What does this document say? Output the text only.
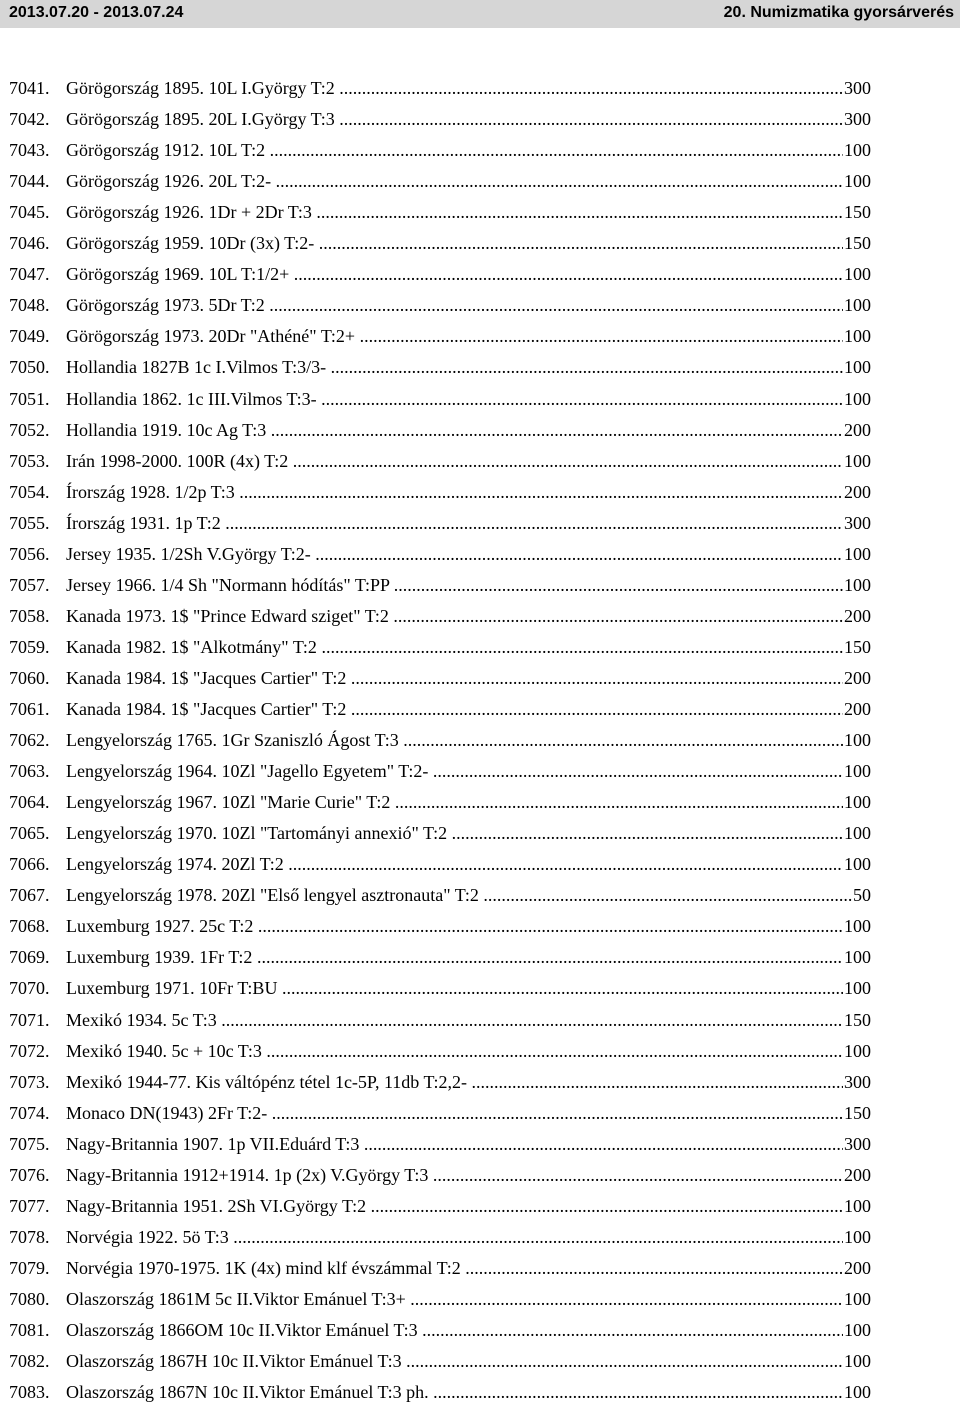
2013.07.20 - 2013.07.24	20. Numizmatika gyorsárverés
7041. Görögország 1895. 10L I.György T:2 .....	300
7042. Görögország 1895. 20L I.György T:3 .....	300
7043. Görögország 1912. 10L T:2 .....	100
7044. Görögország 1926. 20L T:2- .....	100
7045. Görögország 1926. 1Dr + 2Dr T:3 .....	150
7046. Görögország 1959. 10Dr (3x) T:2- .....	150
7047. Görögország 1969. 10L T:1/2+ .....	100
7048. Görögország 1973. 5Dr T:2 .....	100
7049. Görögország 1973. 20Dr "Athéné" T:2+ .....	100
7050. Hollandia 1827B 1c I.Vilmos T:3/3- .....	100
7051. Hollandia 1862. 1c III.Vilmos T:3- .....	100
7052. Hollandia 1919. 10c Ag T:3 .....	200
7053. Irán 1998-2000. 100R (4x) T:2 .....	100
7054. Írország 1928. 1/2p T:3 .....	200
7055. Írország 1931. 1p T:2 .....	300
7056. Jersey 1935. 1/2Sh V.György T:2- .....	100
7057. Jersey 1966. 1/4 Sh "Normann hódítás" T:PP .....	100
7058. Kanada 1973. 1$ "Prince Edward sziget" T:2 .....	200
7059. Kanada 1982. 1$ "Alkotmány" T:2 .....	150
7060. Kanada 1984. 1$ "Jacques Cartier" T:2 .....	200
7061. Kanada 1984. 1$ "Jacques Cartier" T:2 .....	200
7062. Lengyelország 1765. 1Gr Szaniszló Ágost T:3 .....	100
7063. Lengyelország 1964. 10Zl "Jagello Egyetem" T:2- .....	100
7064. Lengyelország 1967. 10Zl "Marie Curie" T:2 .....	100
7065. Lengyelország 1970. 10Zl "Tartományi annexió" T:2 .....	100
7066. Lengyelország 1974. 20Zl T:2 .....	100
7067. Lengyelország 1978. 20Zl "Első lengyel asztronauta" T:2 .....	50
7068. Luxemburg 1927. 25c T:2 .....	100
7069. Luxemburg 1939. 1Fr T:2 .....	100
7070. Luxemburg 1971. 10Fr T:BU .....	100
7071. Mexikó 1934. 5c T:3 .....	150
7072. Mexikó 1940. 5c + 10c T:3 .....	100
7073. Mexikó 1944-77. Kis váltópénz tétel 1c-5P, 11db T:2,2- .....	300
7074. Monaco DN(1943) 2Fr T:2- .....	150
7075. Nagy-Britannia 1907. 1p VII.Eduárd T:3 .....	300
7076. Nagy-Britannia 1912+1914. 1p (2x) V.György T:3 .....	200
7077. Nagy-Britannia 1951. 2Sh VI.György T:2 .....	100
7078. Norvégia 1922. 5ö T:3 .....	100
7079. Norvégia 1970-1975. 1K (4x) mind klf évszámmal T:2 .....	200
7080. Olaszország 1861M 5c II.Viktor Emánuel T:3+ .....	100
7081. Olaszország 1866OM 10c II.Viktor Emánuel T:3 .....	100
7082. Olaszország 1867H 10c II.Viktor Emánuel T:3 .....	100
7083. Olaszország 1867N 10c II.Viktor Emánuel T:3 ph. .....	100
